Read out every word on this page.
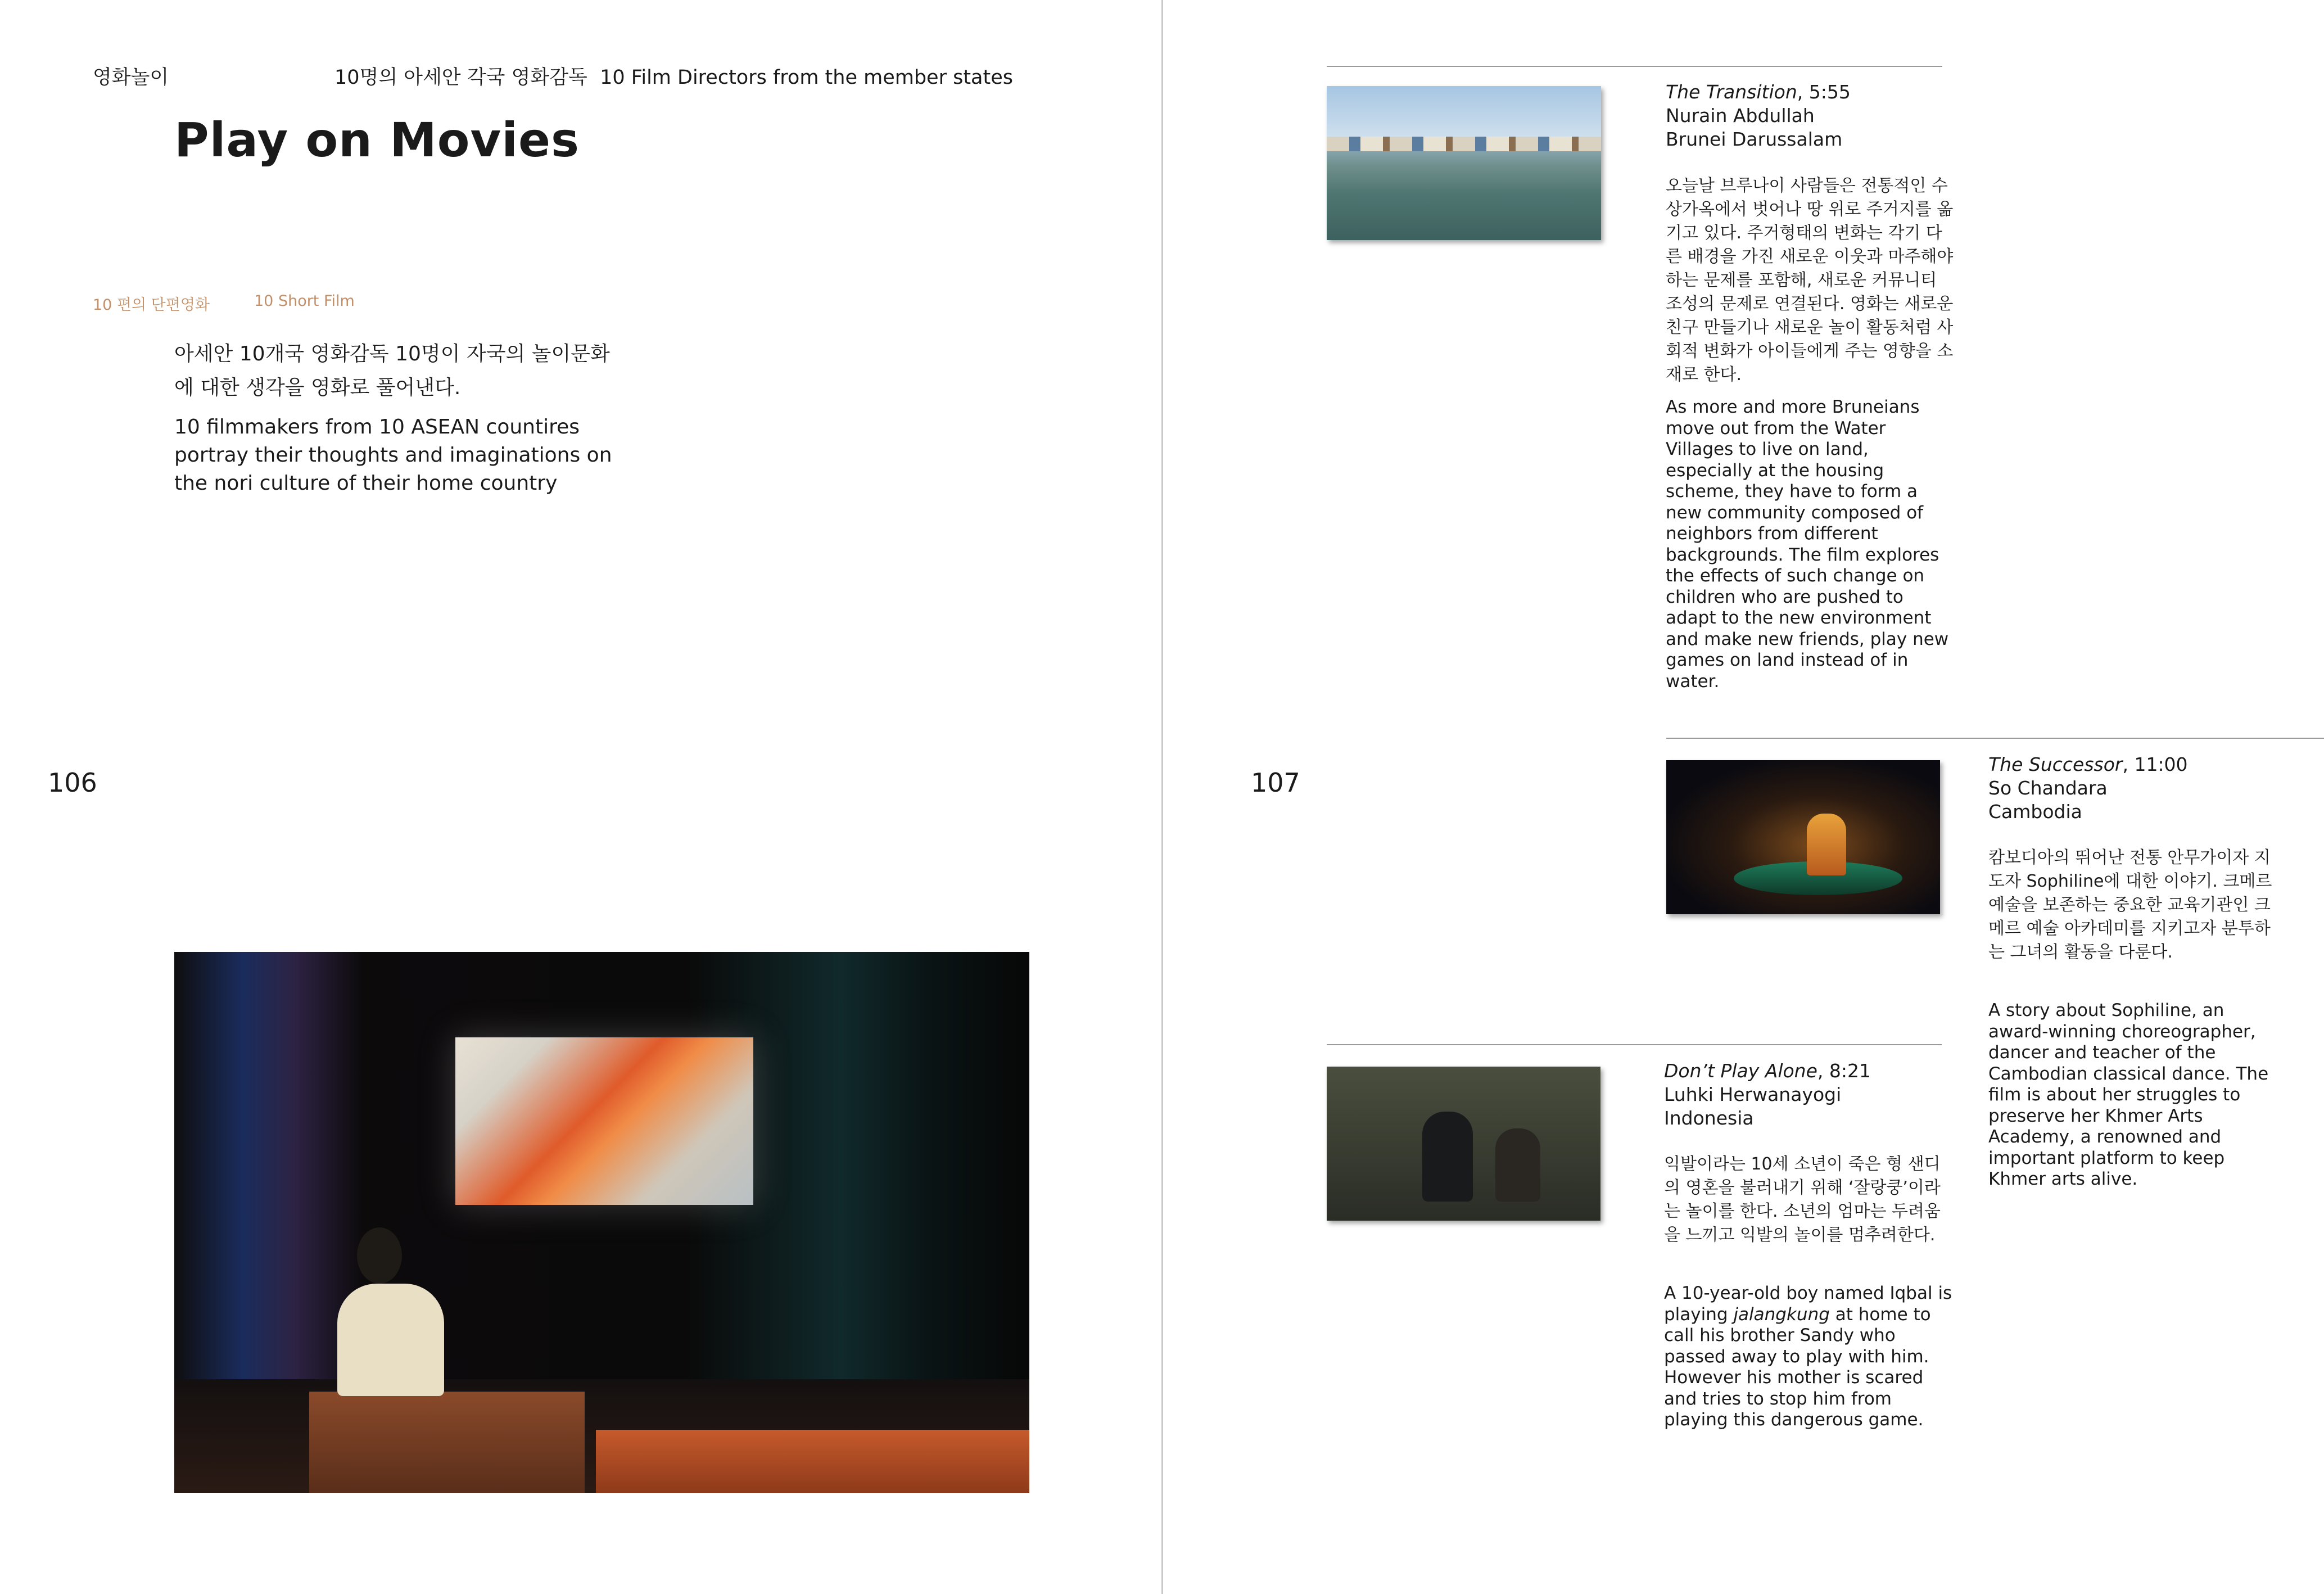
영화놀이	10명의 아세안 각국 영화감독 10 Film Directors from the member states
Play on Movies
10 편의 단편영화	10 Short Film
아세안 10개국 영화감독 10명이 자국의 놀이문화에 대한 생각을 영화로 풀어낸다.
10 filmmakers from 10 ASEAN countires portray their thoughts and imaginations on the nori culture of their home country
106	107
The Transition, 5:55
Nurain Abdullah
Brunei Darussalam
오늘날 브루나이 사람들은 전통적인 수상가옥에서 벗어나 땅 위로 주거지를 옮기고 있다. 주거형태의 변화는 각기 다른 배경을 가진 새로운 이웃과 마주해야 하는 문제를 포함해, 새로운 커뮤니티 조성의 문제로 연결된다. 영화는 새로운 친구 만들기나 새로운 놀이 활동처럼 사회적 변화가 아이들에게 주는 영향을 소재로 한다.
As more and more Bruneians move out from the Water Villages to live on land, especially at the housing scheme, they have to form a new community composed of neighbors from different backgrounds. The film explores the effects of such change on children who are pushed to adapt to the new environment and make new friends, play new games on land instead of in water.
The Successor, 11:00
So Chandara
Cambodia
캄보디아의 뛰어난 전통 안무가이자 지도자 Sophiline에 대한 이야기. 크메르 예술을 보존하는 중요한 교육기관인 크메르 예술 아카데미를 지키고자 분투하는 그녀의 활동을 다룬다.
A story about Sophiline, an award-winning choreographer, dancer and teacher of the Cambodian classical dance. The film is about her struggles to preserve her Khmer Arts Academy, a renowned and important platform to keep Khmer arts alive.
Don’t Play Alone, 8:21
Luhki Herwanayogi
Indonesia
익발이라는 10세 소년이 죽은 형 샌디의 영혼을 불러내기 위해 ‘잘랑쿵’이라는 놀이를 한다. 소년의 엄마는 두려움을 느끼고 익발의 놀이를 멈추려한다.
A 10-year-old boy named Iqbal is playing jalangkung at home to call his brother Sandy who passed away to play with him. However his mother is scared and tries to stop him from playing this dangerous game.
